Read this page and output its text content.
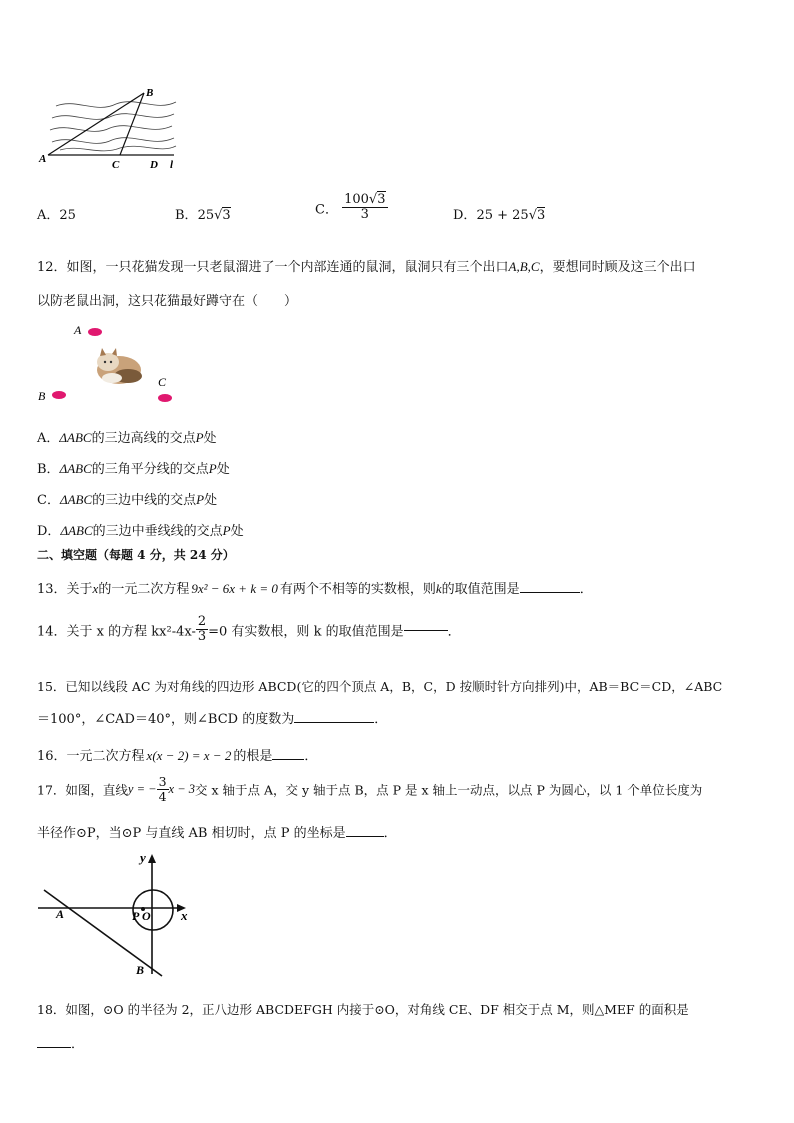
B
A	C	D l
A．25	B．25√3	C． $\frac{100√3}{3}$	D．25 + 25√3
12．如图，一只花猫发现一只老鼠溜进了一个内部连通的鼠洞，鼠洞只有三个出口A,B,C，要想同时顾及这三个出口
以防老鼠出洞，这只花猫最好蹲守在（　　）
A
C
B
A．ΔABC的三边高线的交点P处
B．ΔABC的三角平分线的交点P处
C．ΔABC的三边中线的交点P处
D．ΔABC的三边中垂线线的交点P处
二、填空题（每题 4 分，共 24 分）
13．关于x的一元二次方程 9x² − 6x + k = 0 有两个不相等的实数根，则k的取值范围是	．
14．关于 x 的方程 $kx^2-4x- \frac{2}{3} =0$ 有实数根，则 k 的取值范围是	．
15．已知以线段 AC 为对角线的四边形 ABCD(它的四个顶点 A，B，C，D 按顺时针方向排列)中，AB＝BC＝CD，∠ABC
＝100°，∠CAD＝40°，则∠BCD 的度数为	．
16．一元二次方程 x(x − 2) = x − 2 的根是 ．
17．如图，直线y = − $\frac{3}{4}$ x − 3交 x 轴于点 A，交 y 轴于点 B，点 P 是 x 轴上一动点，以点 P 为圆心，以 1 个单位长度为
半径作⊙P，当⊙P 与直线 AB 相切时，点 P 的坐标是	．
y
x
A	P O
B
18．如图，⊙O 的半径为 2，正八边形 ABCDEFGH 内接于⊙O，对角线 CE、DF 相交于点 M，则△MEF 的面积是
．
